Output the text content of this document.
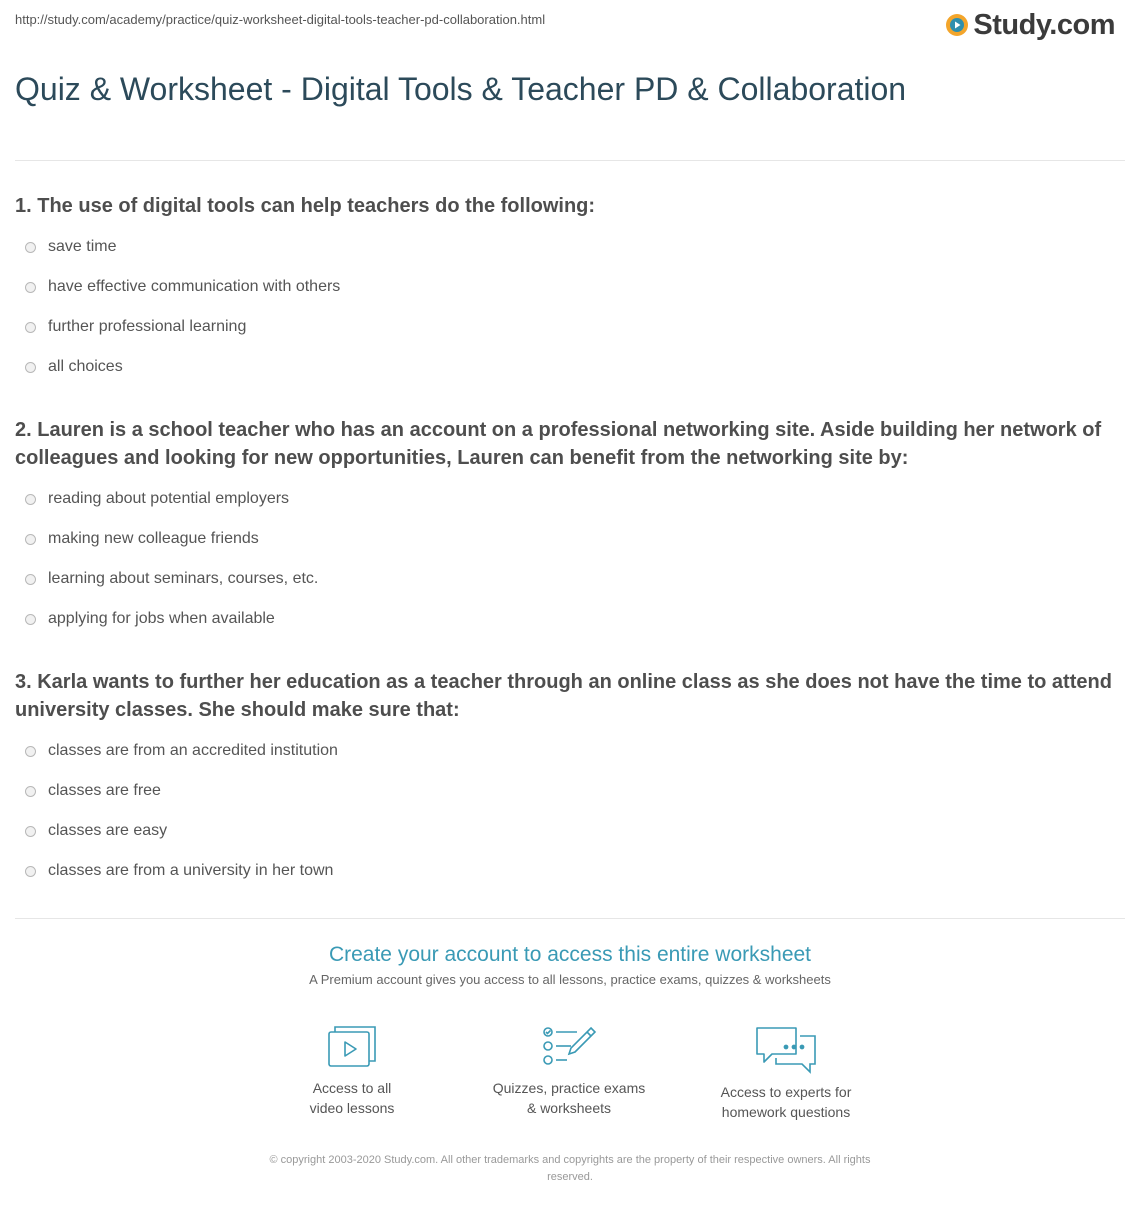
http://study.com/academy/practice/quiz-worksheet-digital-tools-teacher-pd-collaboration.html	Study.com
Quiz & Worksheet - Digital Tools & Teacher PD & Collaboration

1. The use of digital tools can help teachers do the following:

save time
have effective communication with others
further professional learning
all choices

2. Lauren is a school teacher who has an account on a professional networking site. Aside building her network of colleagues and looking for new opportunities, Lauren can benefit from the networking site by:

reading about potential employers
making new colleague friends
learning about seminars, courses, etc.
applying for jobs when available

3. Karla wants to further her education as a teacher through an online class as she does not have the time to attend university classes. She should make sure that:

classes are from an accredited institution
classes are free
classes are easy
classes are from a university in her town

Create your account to access this entire worksheet

A Premium account gives you access to all lessons, practice exams, quizzes & worksheets

Access to all
video lessons
Quizzes, practice exams
& worksheets
Access to experts for
homework questions
© copyright 2003-2020 Study.com. All other trademarks and copyrights are the property of their respective owners. All rights
reserved.
